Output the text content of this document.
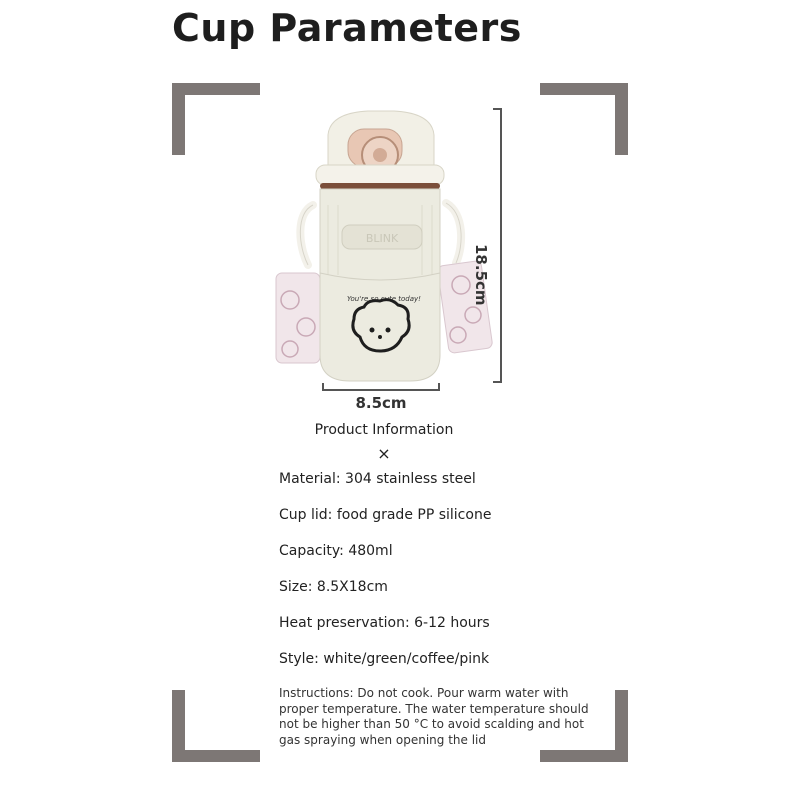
Cup Parameters
BLINK
You're so cute today!	18.5cm
8.5cm
Product Information
×
Material: 304 stainless steel
Cup lid: food grade PP silicone
Capacity: 480ml
Size: 8.5X18cm
Heat preservation: 6-12 hours
Style: white/green/coffee/pink
Instructions: Do not cook. Pour warm water with proper temperature. The water temperature should not be higher than 50 °C to avoid scalding and hot gas spraying when opening the lid
